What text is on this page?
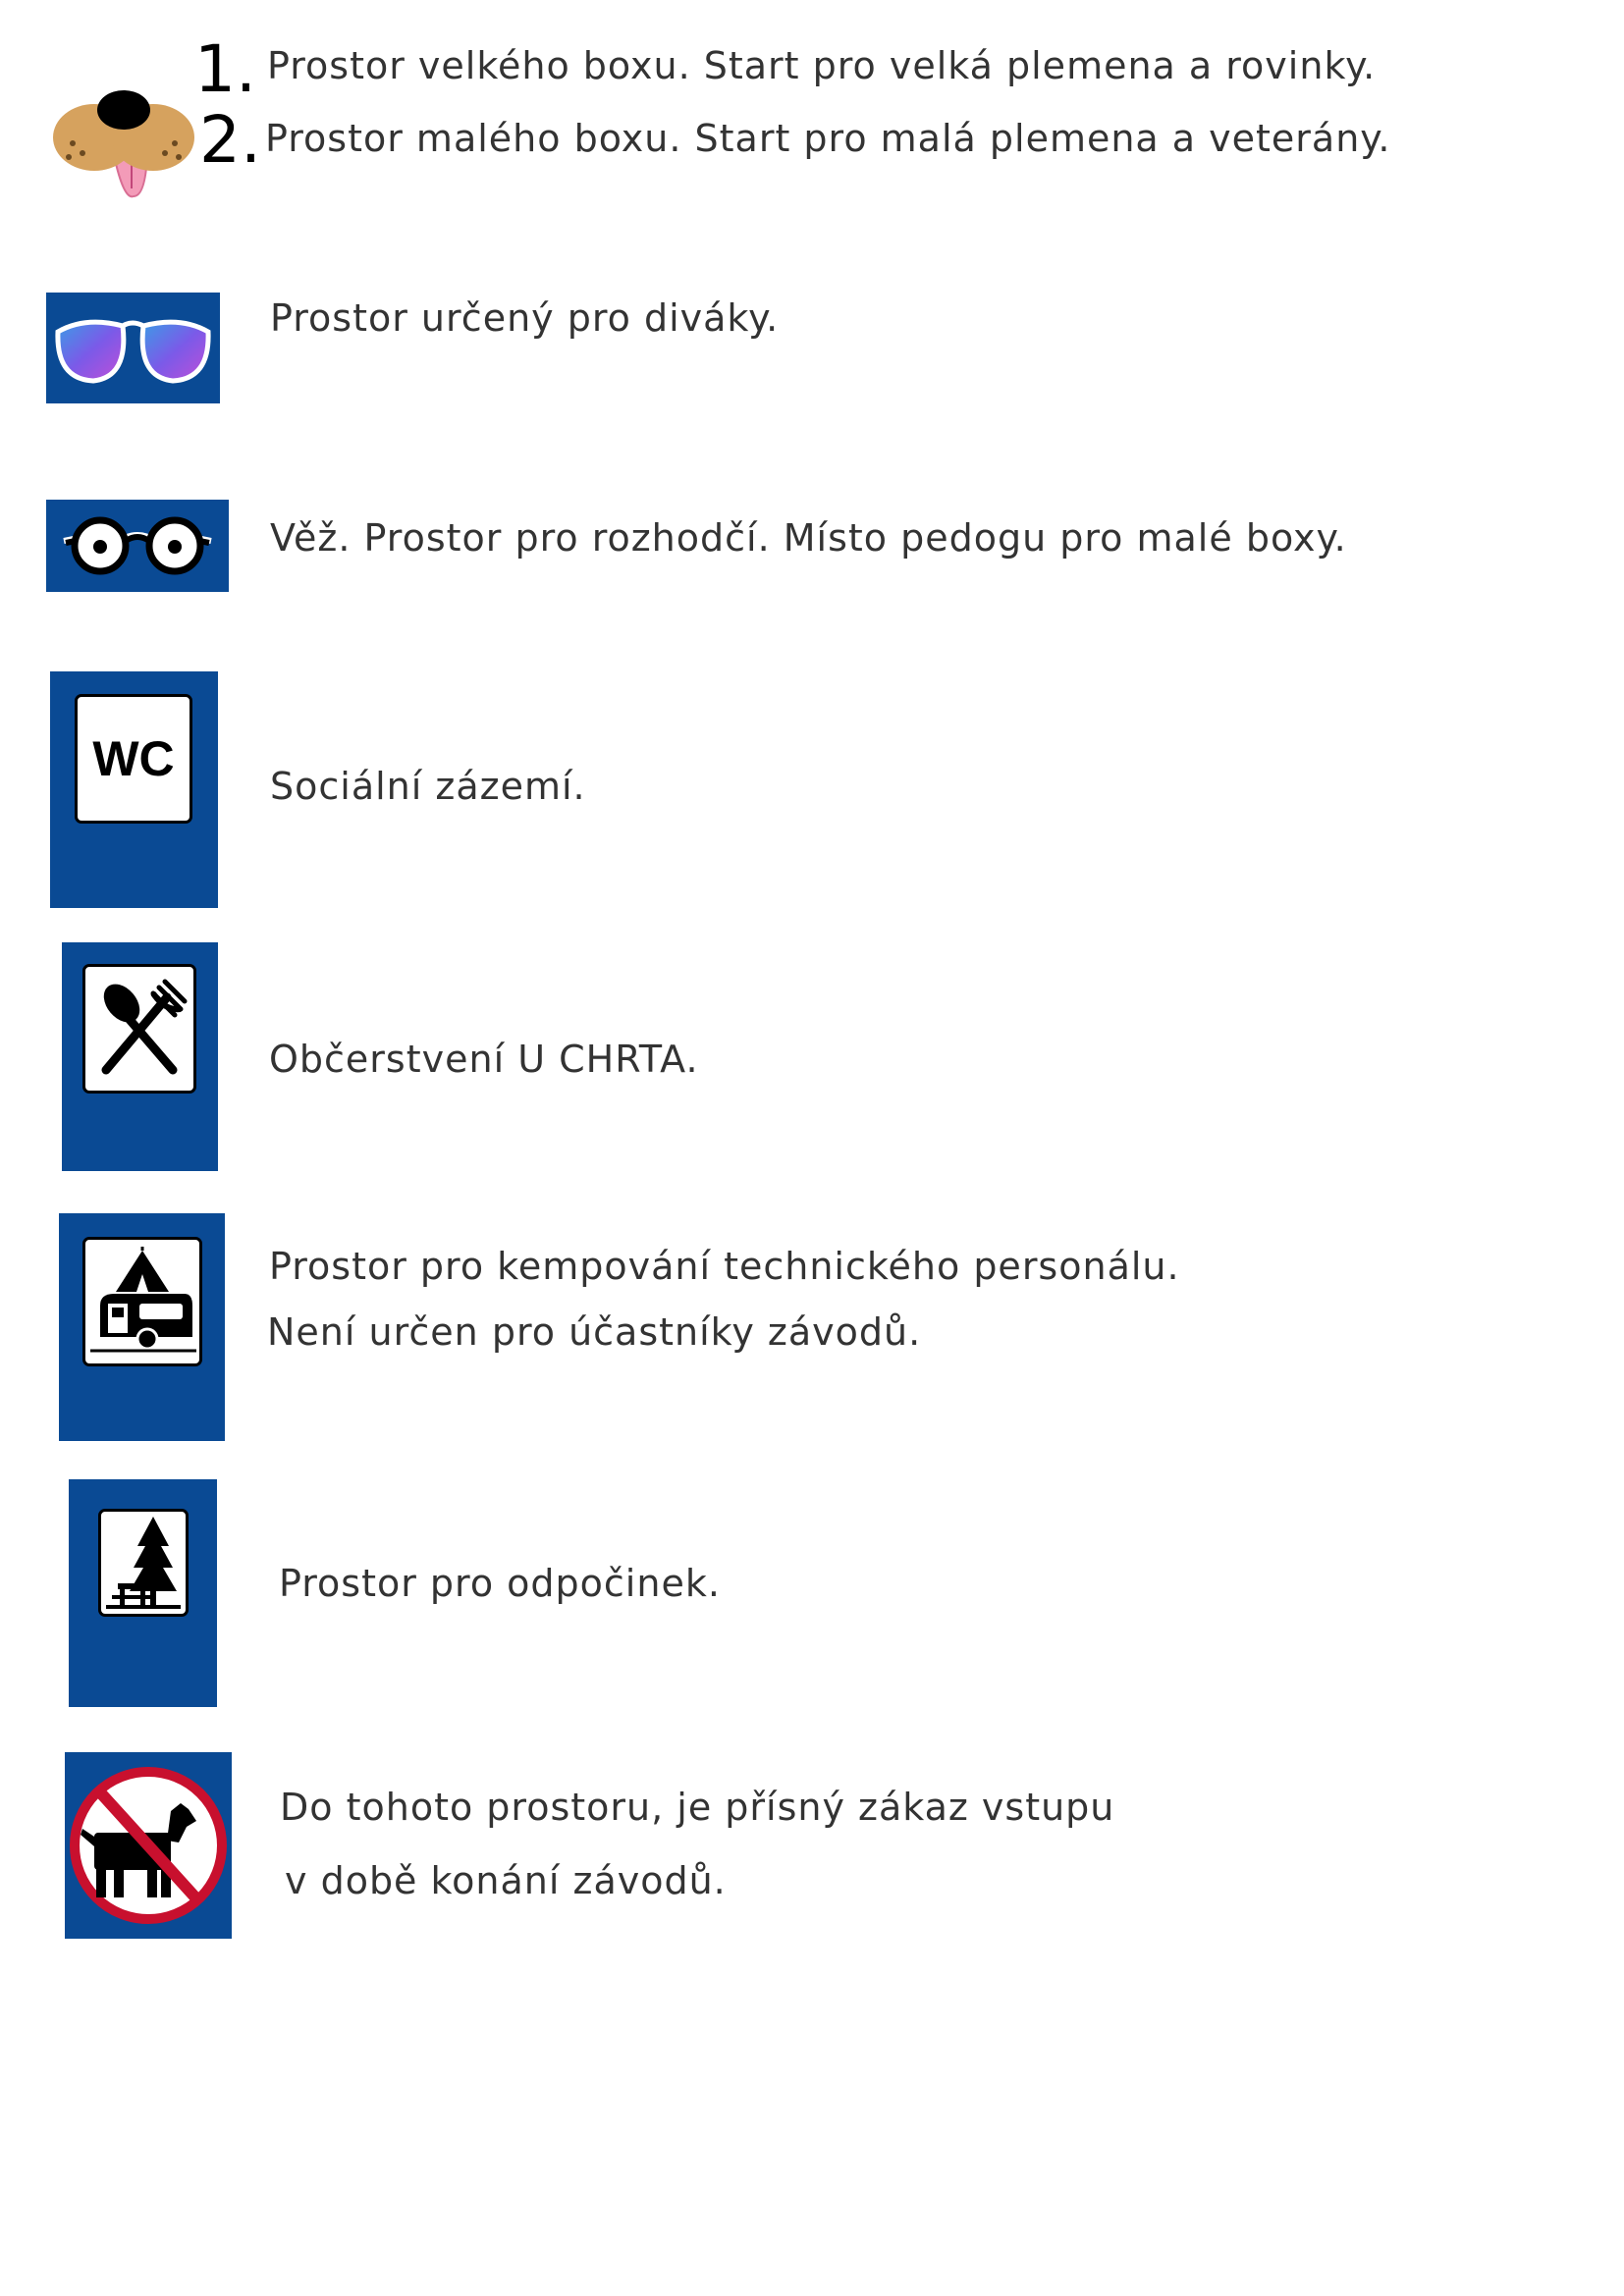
1. Prostor velkého boxu. Start pro velká plemena a rovinky.
2. Prostor malého boxu. Start pro malá plemena a veterány.
Prostor určený pro diváky.
Věž. Prostor pro rozhodčí. Místo pedogu pro malé boxy.
WC	Sociální zázemí.
Občerstvení U CHRTA.
Prostor pro kempování technického personálu.
Není určen pro účastníky závodů.
Prostor pro odpočinek.
Do tohoto prostoru, je přísný zákaz vstupu
v době konání závodů.
